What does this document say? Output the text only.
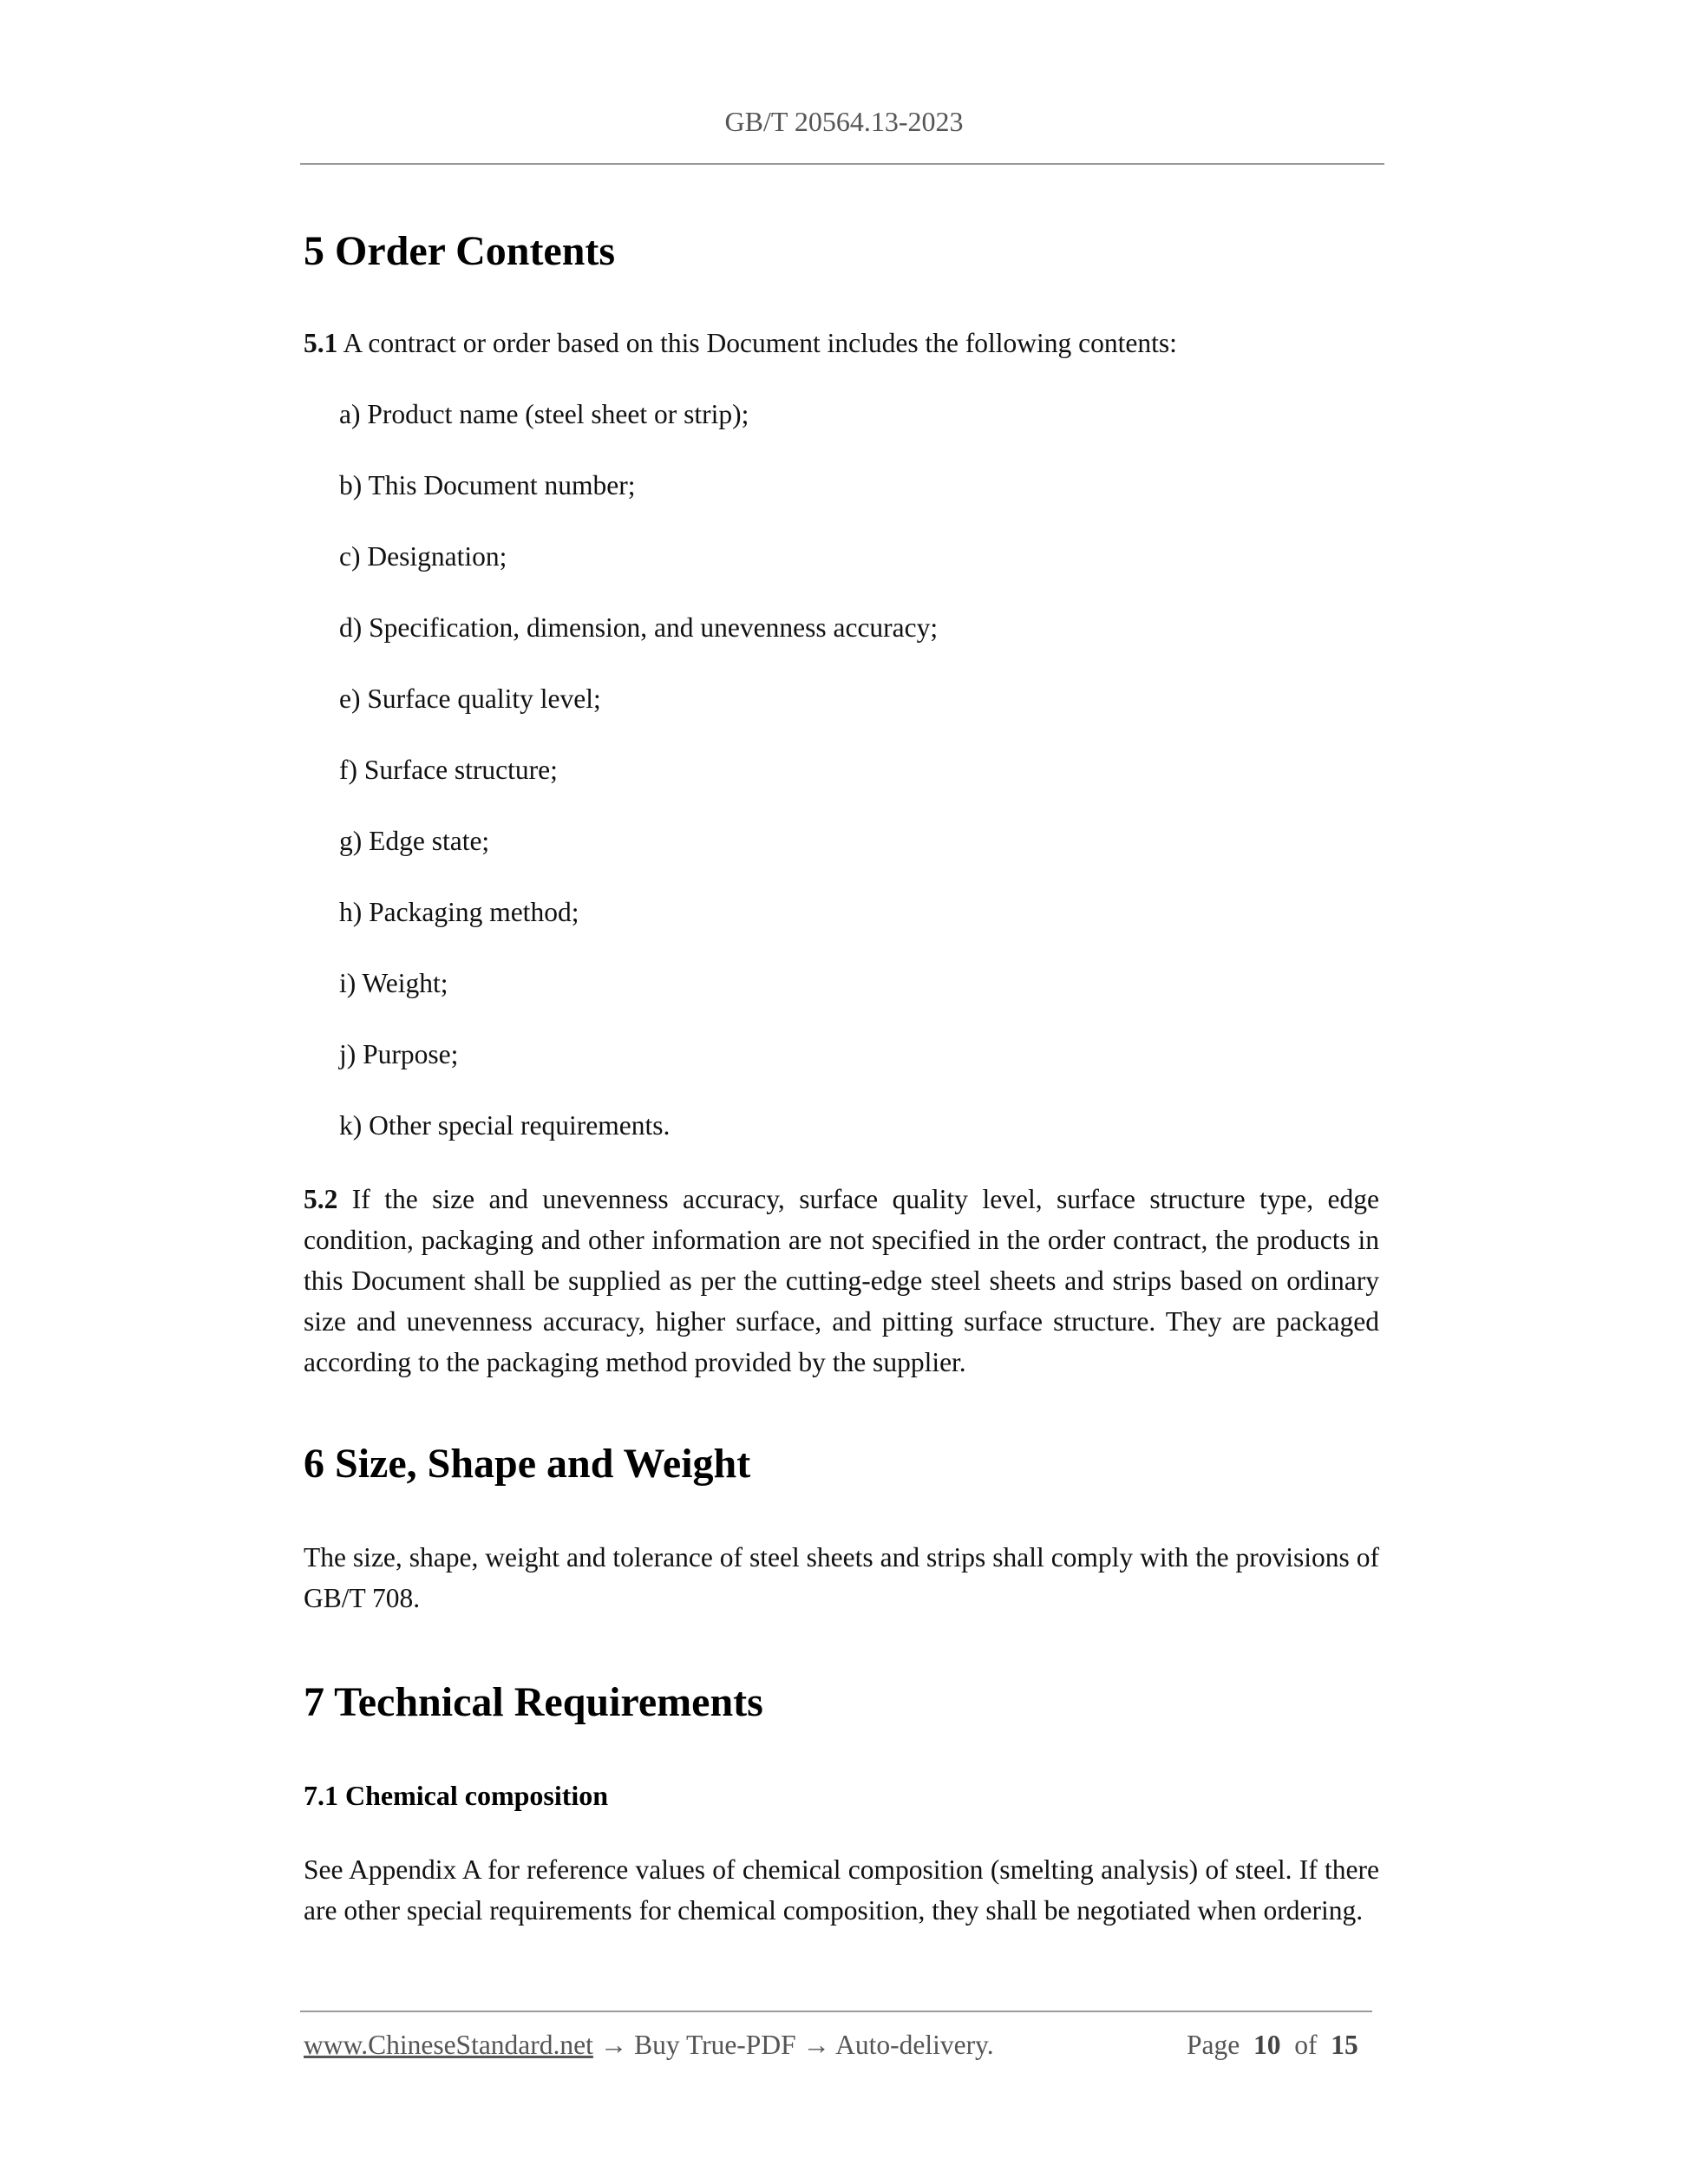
GB/T 20564.13-2023
5 Order Contents
5.1 A contract or order based on this Document includes the following contents:
a) Product name (steel sheet or strip);
b) This Document number;
c) Designation;
d) Specification, dimension, and unevenness accuracy;
e) Surface quality level;
f) Surface structure;
g) Edge state;
h) Packaging method;
i) Weight;
j) Purpose;
k) Other special requirements.
5.2 If the size and unevenness accuracy, surface quality level, surface structure type, edge condition, packaging and other information are not specified in the order contract, the products in this Document shall be supplied as per the cutting-edge steel sheets and strips based on ordinary size and unevenness accuracy, higher surface, and pitting surface structure. They are packaged according to the packaging method provided by the supplier.
6 Size, Shape and Weight
The size, shape, weight and tolerance of steel sheets and strips shall comply with the provisions of GB/T 708.
7 Technical Requirements
7.1 Chemical composition
See Appendix A for reference values of chemical composition (smelting analysis) of steel. If there are other special requirements for chemical composition, they shall be negotiated when ordering.
www.ChineseStandard.net → Buy True-PDF → Auto-delivery.	Page 10 of 15
